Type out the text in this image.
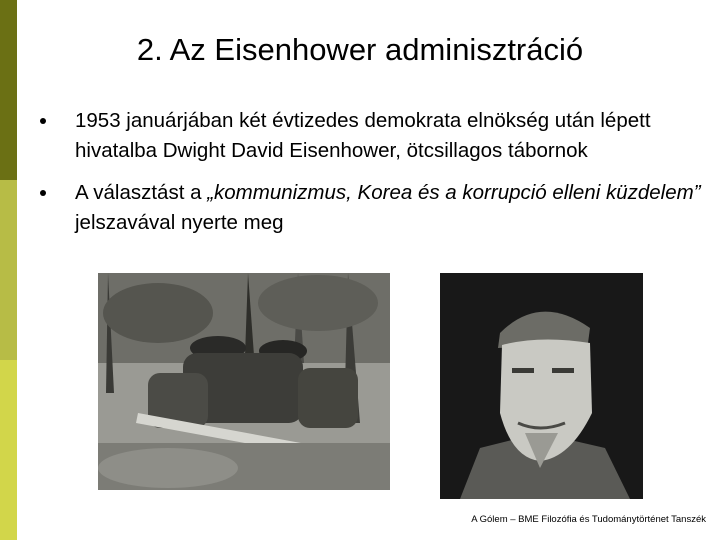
2. Az Eisenhower adminisztráció
1953 januárjában két évtizedes demokrata elnökség után lépett hivatalba Dwight David Eisenhower, ötcsillagos tábornok
A választást a „kommunizmus, Korea és a korrupció elleni küzdelem” jelszavával nyerte meg
A Gólem – BME Filozófia és Tudománytörténet Tanszék
